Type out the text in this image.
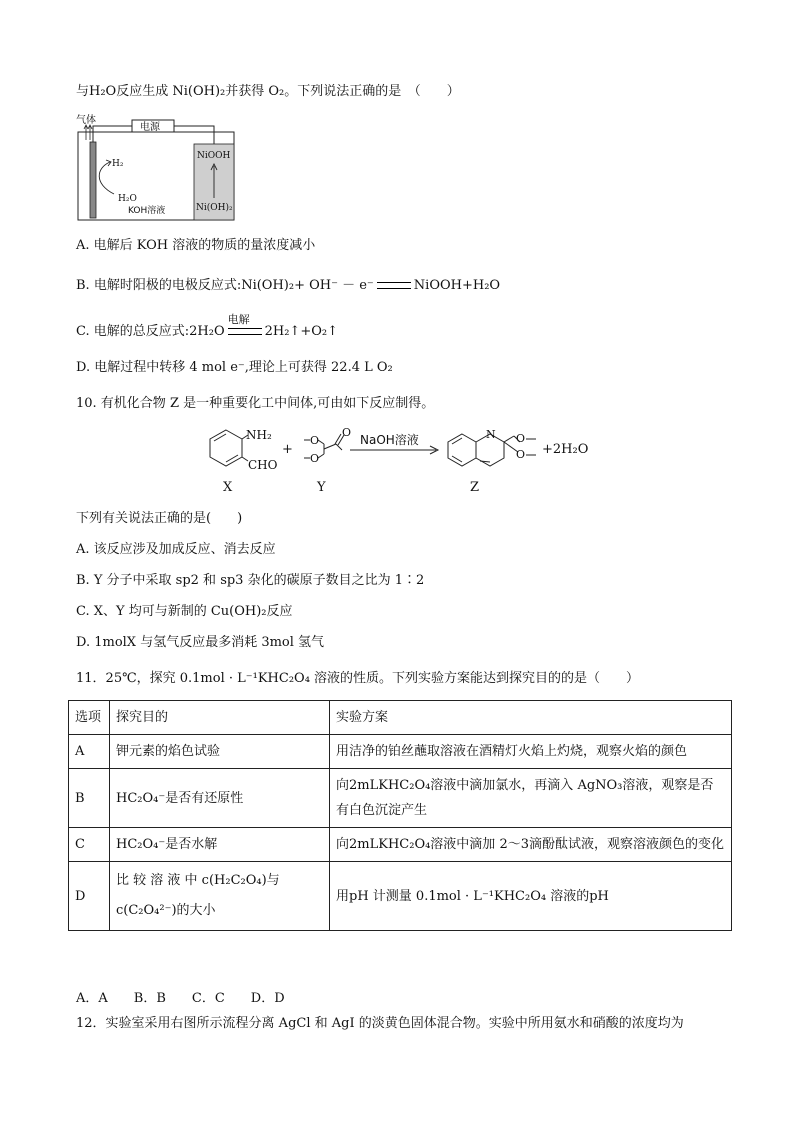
与H₂O反应生成 Ni(OH)₂并获得 O₂。下列说法正确的是　（　　）
气体
电源
H₂
H₂O
KOH溶液
NiOOH
Ni(OH)₂
A. 电解后 KOH 溶液的物质的量浓度减小
B. 电解时阳极的电极反应式:Ni(OH)₂+ OH⁻ － e⁻	NiOOH+H₂O
C. 电解的总反应式:2H₂O
电解
2H₂↑+O₂↑
D. 电解过程中转移 4 mol e⁻,理论上可获得 22.4 L O₂
10. 有机化合物 Z 是一种重要化工中间体,可由如下反应制得。
NH₂
CHO
+
O
O
O
NaOH溶液	N O
O +2H₂O
X	Y	Z
下列有关说法正确的是(　　)
A. 该反应涉及加成反应、消去反应
B. Y 分子中采取 sp2 和 sp3 杂化的碳原子数目之比为 1∶2
C. X、Y 均可与新制的 Cu(OH)₂反应
D. 1molX 与氢气反应最多消耗 3mol 氢气
11．25℃，探究 0.1mol · L⁻¹KHC₂O₄ 溶液的性质。下列实验方案能达到探究目的的是（　　）
选项	探究目的	实验方案
A	钾元素的焰色试验	用洁净的铂丝蘸取溶液在酒精灯火焰上灼烧，观察火焰的颜色
B	HC₂O₄⁻是否有还原性	向2mLKHC₂O₄溶液中滴加氯水，再滴入 AgNO₃溶液，观察是否有白色沉淀产生
C	HC₂O₄⁻是否水解	向2mLKHC₂O₄溶液中滴加 2～3滴酚酞试液，观察溶液颜色的变化
D	比 较 溶 液 中 c(H₂C₂O₄)与 c(C₂O₄²⁻)的大小	用pH 计测量 0.1mol · L⁻¹KHC₂O₄ 溶液的pH
A．A　　B．B　　C．C　　D．D
12．实验室采用右图所示流程分离 AgCl 和 AgI 的淡黄色固体混合物。实验中所用氨水和硝酸的浓度均为
